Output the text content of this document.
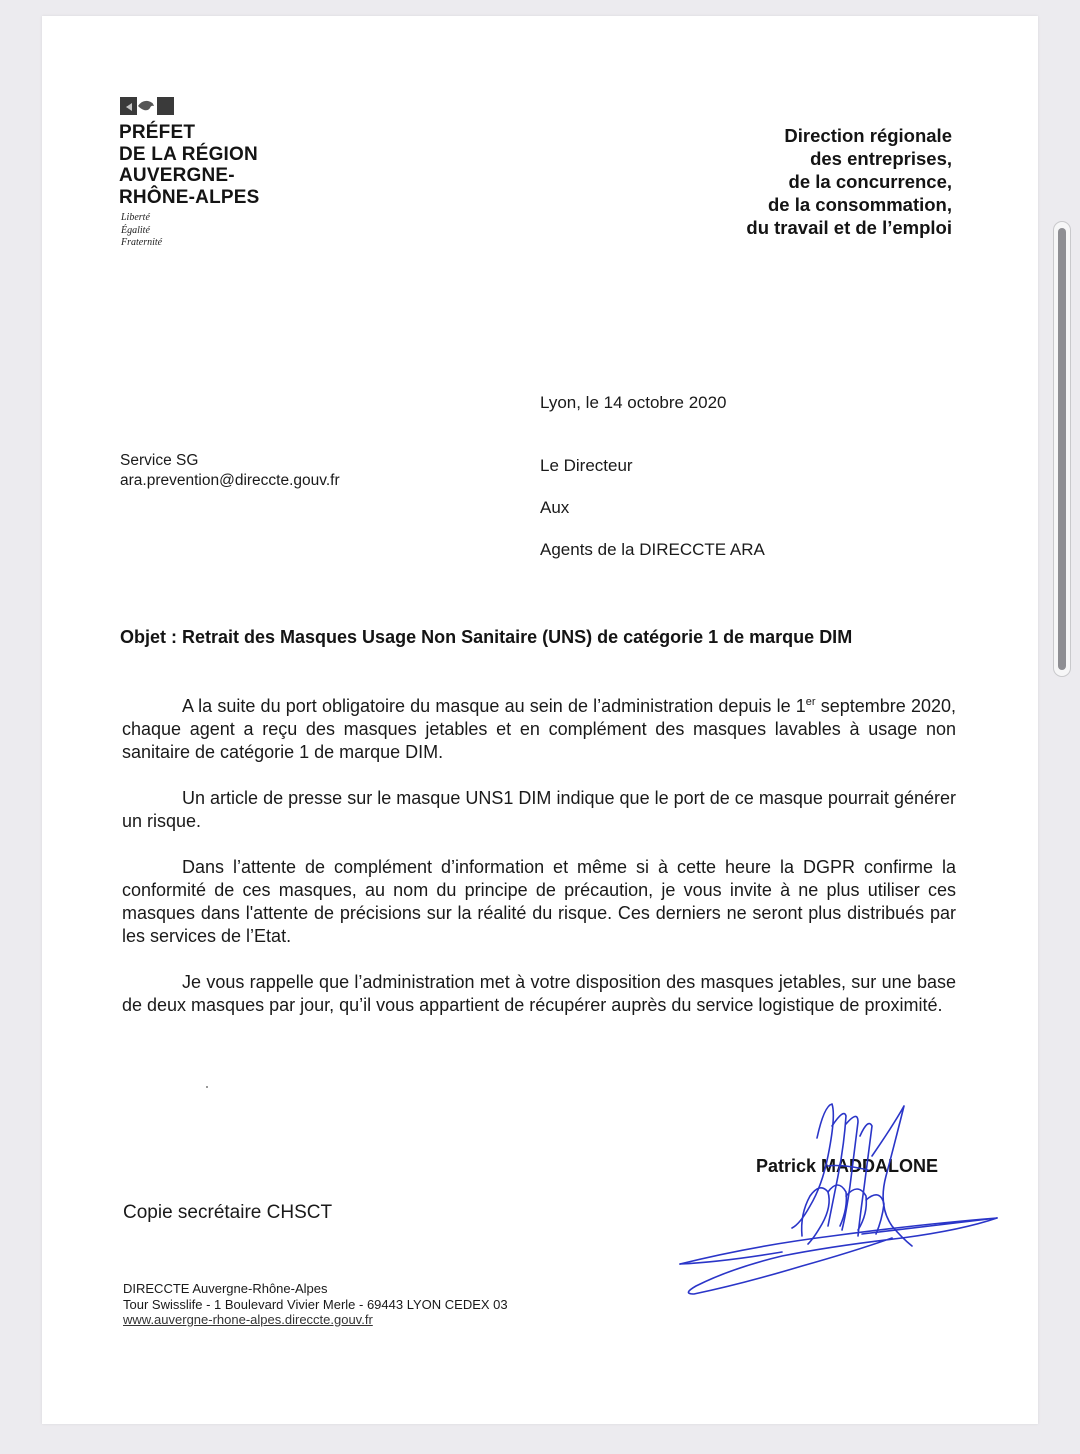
PRÉFET
DE LA RÉGION
AUVERGNE-
RHÔNE-ALPES
Liberté
Égalité
Fraternité
Direction régionale
des entreprises,
de la concurrence,
de la consommation,
du travail et de l’emploi
Lyon, le 14 octobre 2020
Service SG
ara.prevention@direccte.gouv.fr
Le Directeur
Aux
Agents de la DIRECCTE ARA
Objet : Retrait des Masques Usage Non Sanitaire (UNS) de catégorie 1 de marque DIM
A la suite du port obligatoire du masque au sein de l’administration depuis le 1er septembre 2020, chaque agent a reçu des masques jetables et en complément des masques lavables à usage non sanitaire de catégorie 1 de marque DIM.
Un article de presse sur le masque UNS1 DIM indique que le port de ce masque pourrait générer un risque.
Dans l’attente de complément d’information et même si à cette heure la DGPR confirme la conformité de ces masques, au nom du principe de précaution, je vous invite à ne plus utiliser ces masques dans l'attente de précisions sur la réalité du risque. Ces derniers ne seront plus distribués par les services de l’Etat.
Je vous rappelle que l’administration met à votre disposition des masques jetables, sur une base de deux masques par jour, qu’il vous appartient de récupérer auprès du service logistique de proximité.
Patrick MADDALONE
Copie secrétaire CHSCT
DIRECCTE Auvergne-Rhône-Alpes
Tour Swisslife - 1 Boulevard Vivier Merle - 69443 LYON CEDEX 03
www.auvergne-rhone-alpes.direccte.gouv.fr
